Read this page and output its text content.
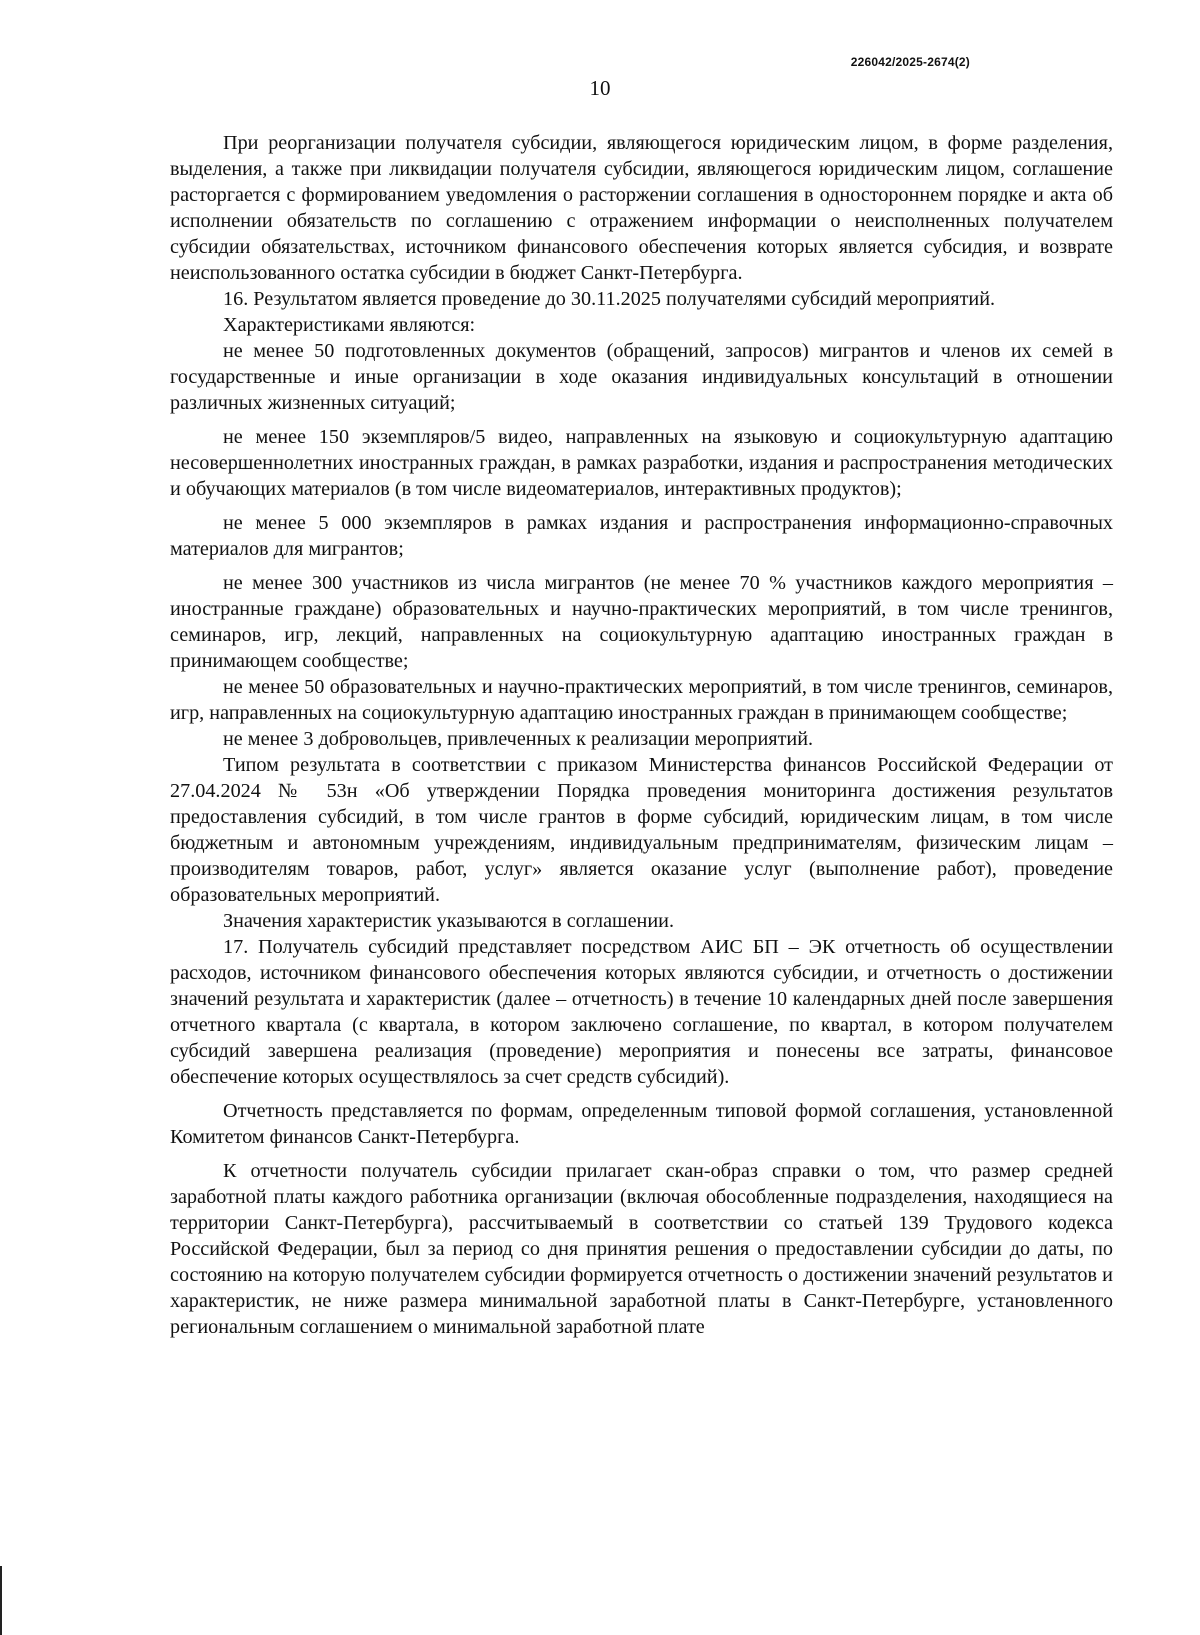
226042/2025-2674(2)
10

При реорганизации получателя субсидии, являющегося юридическим лицом, в форме разделения, выделения, а также при ликвидации получателя субсидии, являющегося юридическим лицом, соглашение расторгается с формированием уведомления о расторжении соглашения в одностороннем порядке и акта об исполнении обязательств по соглашению с отражением информации о неисполненных получателем субсидии обязательствах, источником финансового обеспечения которых является субсидия, и возврате неиспользованного остатка субсидии в бюджет Санкт-Петербурга.

16. Результатом является проведение до 30.11.2025 получателями субсидий мероприятий.

Характеристиками являются:

не менее 50 подготовленных документов (обращений, запросов) мигрантов и членов их семей в государственные и иные организации в ходе оказания индивидуальных консультаций в отношении различных жизненных ситуаций;

не менее 150 экземпляров/5 видео, направленных на языковую и социокультурную адаптацию несовершеннолетних иностранных граждан, в рамках разработки, издания и распространения методических и обучающих материалов (в том числе видеоматериалов, интерактивных продуктов);

не менее 5 000 экземпляров в рамках издания и распространения информационно-справочных материалов для мигрантов;

не менее 300 участников из числа мигрантов (не менее 70 % участников каждого мероприятия – иностранные граждане) образовательных и научно-практических мероприятий, в том числе тренингов, семинаров, игр, лекций, направленных на социокультурную адаптацию иностранных граждан в принимающем сообществе;

не менее 50 образовательных и научно-практических мероприятий, в том числе тренингов, семинаров, игр, направленных на социокультурную адаптацию иностранных граждан в принимающем сообществе;

не менее 3 добровольцев, привлеченных к реализации мероприятий.

Типом результата в соответствии с приказом Министерства финансов Российской Федерации от 27.04.2024 № 53н «Об утверждении Порядка проведения мониторинга достижения результатов предоставления субсидий, в том числе грантов в форме субсидий, юридическим лицам, в том числе бюджетным и автономным учреждениям, индивидуальным предпринимателям, физическим лицам – производителям товаров, работ, услуг» является оказание услуг (выполнение работ), проведение образовательных мероприятий.

Значения характеристик указываются в соглашении.

17. Получатель субсидий представляет посредством АИС БП – ЭК отчетность об осуществлении расходов, источником финансового обеспечения которых являются субсидии, и отчетность о достижении значений результата и характеристик (далее – отчетность) в течение 10 календарных дней после завершения отчетного квартала (с квартала, в котором заключено соглашение, по квартал, в котором получателем субсидий завершена реализация (проведение) мероприятия и понесены все затраты, финансовое обеспечение которых осуществлялось за счет средств субсидий).

Отчетность представляется по формам, определенным типовой формой соглашения, установленной Комитетом финансов Санкт-Петербурга.

К отчетности получатель субсидии прилагает скан-образ справки о том, что размер средней заработной платы каждого работника организации (включая обособленные подразделения, находящиеся на территории Санкт-Петербурга), рассчитываемый в соответствии со статьей 139 Трудового кодекса Российской Федерации, был за период со дня принятия решения о предоставлении субсидии до даты, по состоянию на которую получателем субсидии формируется отчетность о достижении значений результатов и характеристик, не ниже размера минимальной заработной платы в Санкт-Петербурге, установленного региональным соглашением о минимальной заработной плате
